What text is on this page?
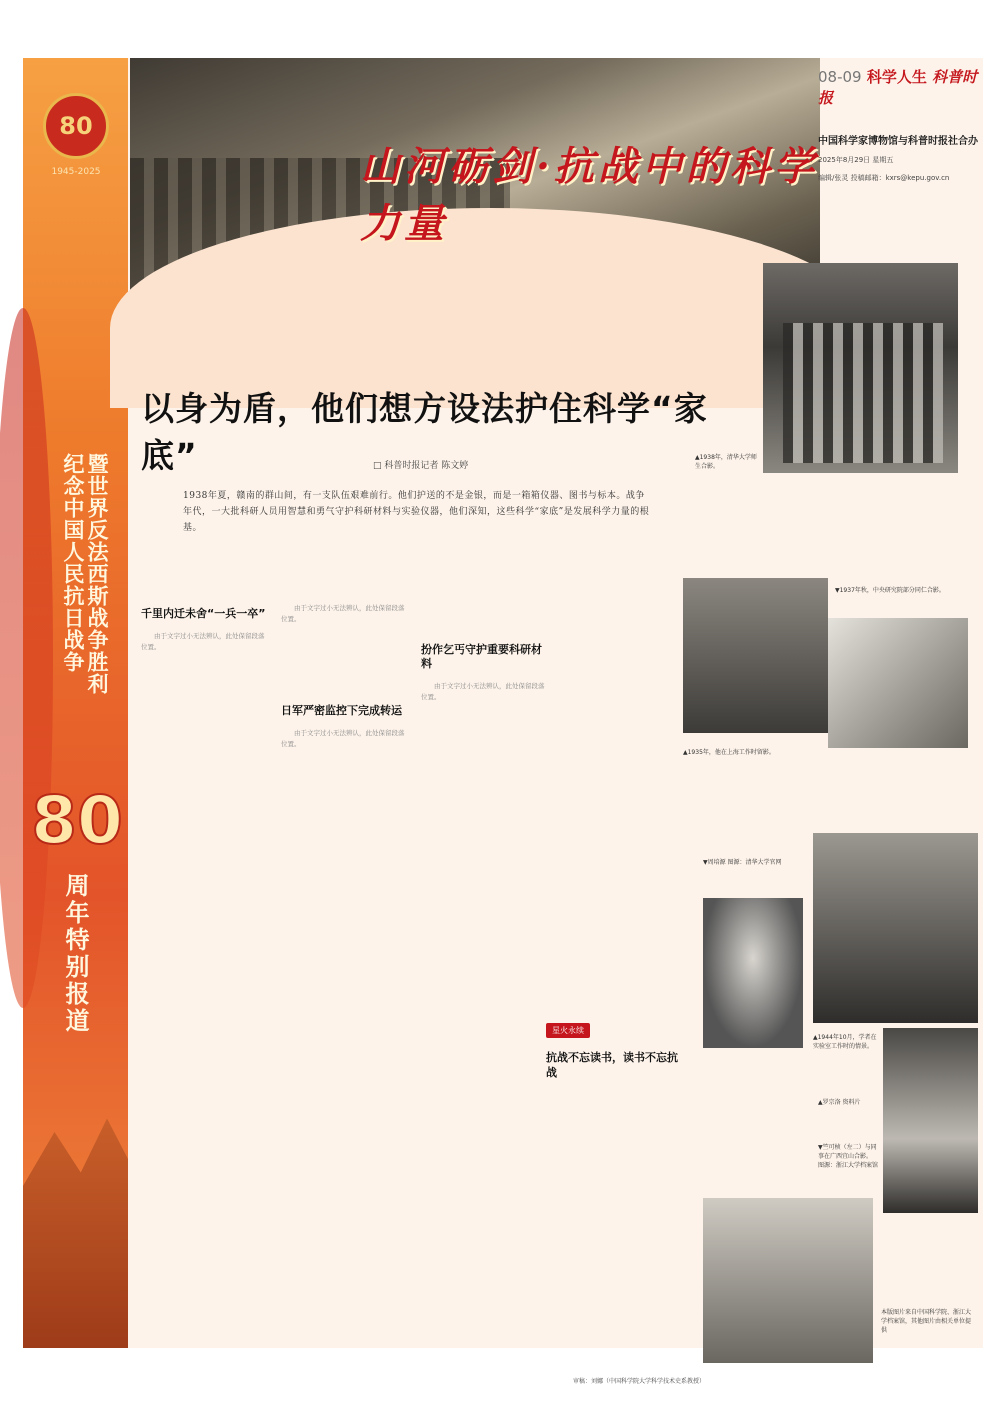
80
1945-2025
纪念中国人民抗日战争 暨世界反法西斯战争胜利
80
周年特别报道
山河砺剑·抗战中的科学力量
08-09 科学人生 科普时报
中国科学家博物馆与科普时报社合办
2025年8月29日 星期五
编辑/张灵 投稿邮箱：kxrs@kepu.gov.cn
以身为盾，他们想方设法护住科学“家底”	□ 科普时报记者 陈文婷
1938年夏，赣南的群山间，有一支队伍艰难前行。他们护送的不是金银，而是一箱箱仪器、图书与标本。战争年代，一大批科研人员用智慧和勇气守护科研材料与实验仪器，他们深知，这些科学“家底”是发展科学力量的根基。
千里内迁未舍“一兵一卒”

由于文字过小无法辨认，此处保留段落位置。

由于文字过小无法辨认，此处保留段落位置。

日军严密监控下完成转运

由于文字过小无法辨认，此处保留段落位置。

扮作乞丐守护重要科研材料

由于文字过小无法辨认，此处保留段落位置。

星火永续
抗战不忘读书，读书不忘抗战
▲1938年，清华大学师生合影。
▼1937年秋，中央研究院部分同仁合影。
▲1935年，他在上海工作时留影。
▼周培源 图源：清华大学官网
▲1944年10月，学者在实验室工作时的情景。
▲罗宗洛 资料片
▼竺可桢（左二）与同事在广西宜山合影。 图源：浙江大学档案馆
本版图片来自中国科学院、浙江大学档案馆，其他图片由相关单位提供
审稿：刘娜（中国科学院大学科学技术史系教授）
